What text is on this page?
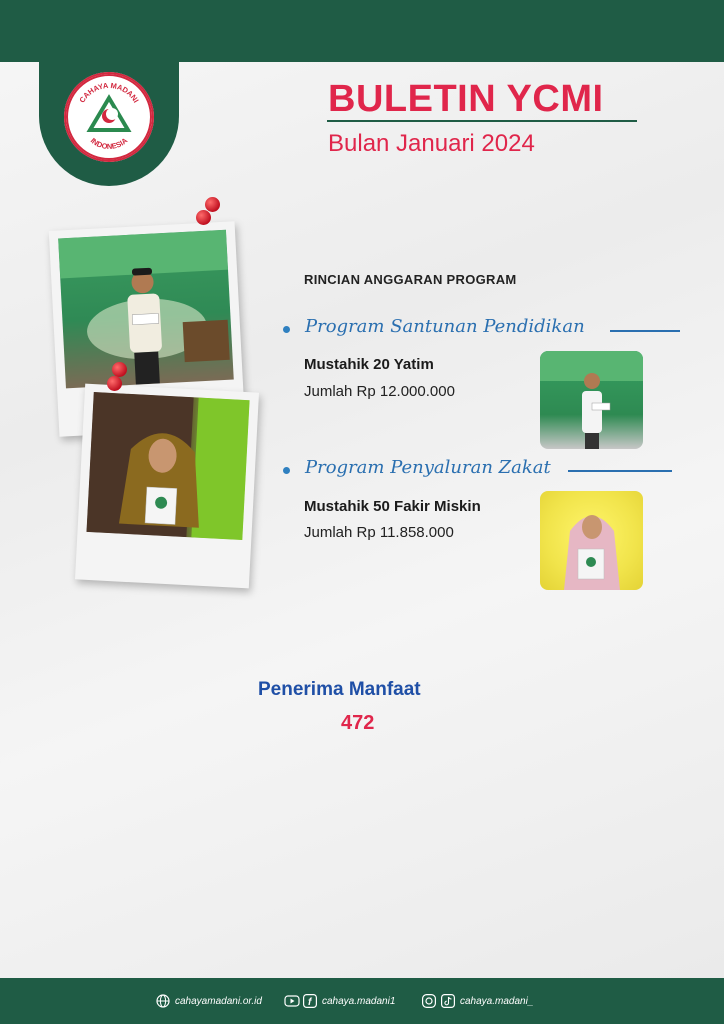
CAHAYA MADANI
INDONESIA
BULETIN YCMI
Bulan Januari 2024
RINCIAN ANGGARAN PROGRAM
Program Santunan Pendidikan
Mustahik 20 Yatim
Jumlah Rp 12.000.000
Program Penyaluran Zakat
Mustahik 50 Fakir Miskin
Jumlah Rp 11.858.000
Penerima Manfaat
472
cahayamadani.or.id	f cahaya.madani1	cahaya.madani_
